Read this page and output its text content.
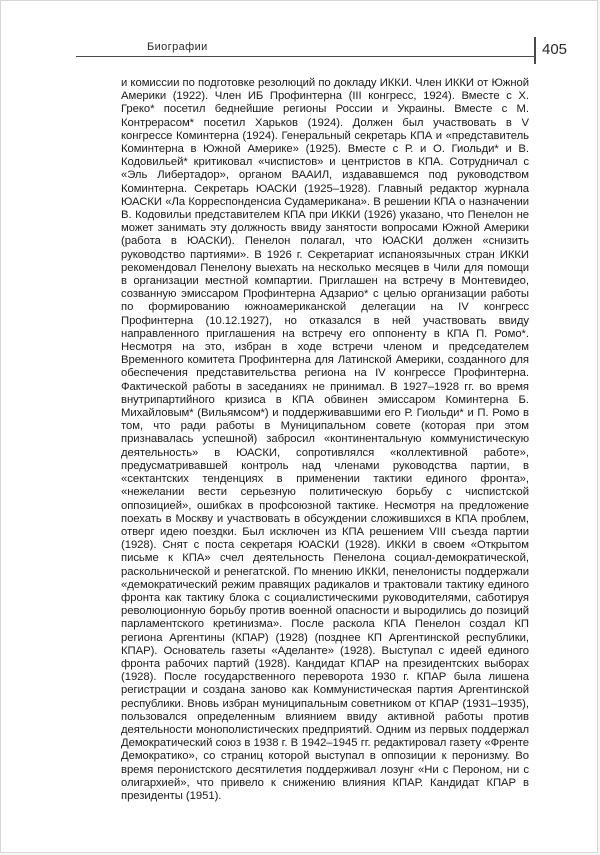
Биографии	405

и комиссии по подготовке резолюций по докладу ИККИ. Член ИККИ от Южной Америки (1922). Член ИБ Профинтерна (III конгресс, 1924). Вместе с Х. Греко* посетил беднейшие регионы России и Украины. Вместе с М. Контрерасом* посетил Харьков (1924). Должен был участвовать в V конгрессе Коминтерна (1924). Генеральный секретарь КПА и «представитель Коминтерна в Южной Америке» (1925). Вместе с Р. и О. Гиольди* и В. Кодовильей* критиковал «чиспистов» и центристов в КПА. Сотрудничал с «Эль Либертадор», органом ВААИЛ, издававшемся под руководством Коминтерна. Секретарь ЮАСКИ (1925–1928). Главный редактор журнала ЮАСКИ «Ла Корреспонденсиа Судамерикана». В решении КПА о назначении В. Кодовильи представителем КПА при ИККИ (1926) указано, что Пенелон не может занимать эту должность ввиду занятости вопросами Южной Америки (работа в ЮАСКИ). Пенелон полагал, что ЮАСКИ должен «снизить руководство партиями». В 1926 г. Секретариат испаноязычных стран ИККИ рекомендовал Пенелону выехать на несколько месяцев в Чили для помощи в организации местной компартии. Приглашен на встречу в Монтевидео, созванную эмиссаром Профинтерна Адзарио* с целью организации работы по формированию южноамериканской делегации на IV конгресс Профинтерна (10.12.1927), но отказался в ней участвовать ввиду направленного приглашения на встречу его оппоненту в КПА П. Ромо*. Несмотря на это, избран в ходе встречи членом и председателем Временного комитета Профинтерна для Латинской Америки, созданного для обеспечения представительства региона на IV конгрессе Профинтерна. Фактической работы в заседаниях не принимал. В 1927–1928 гг. во время внутрипартийного кризиса в КПА обвинен эмиссаром Коминтерна Б. Михайловым* (Вильямсом*) и поддерживавшими его Р. Гиольди* и П. Ромо в том, что ради работы в Муниципальном совете (которая при этом признавалась успешной) забросил «континентальную коммунистическую деятельность» в ЮАСКИ, сопротивлялся «коллективной работе», предусматривавшей контроль над членами руководства партии, в «сектантских тенденциях в применении тактики единого фронта», «нежелании вести серьезную политическую борьбу с чиспистской оппозицией», ошибках в профсоюзной тактике. Несмотря на предложение поехать в Москву и участвовать в обсуждении сложившихся в КПА проблем, отверг идею поездки. Был исключен из КПА решением VIII съезда партии (1928). Снят с поста секретаря ЮАСКИ (1928). ИККИ в своем «Открытом письме к КПА» счел деятельность Пенелона социал-демократической, раскольнической и ренегатской. По мнению ИККИ, пенелонисты поддержали «демократический режим правящих радикалов и трактовали тактику единого фронта как тактику блока с социалистическими руководителями, саботируя революционную борьбу против военной опасности и выродились до позиций парламентского кретинизма». После раскола КПА Пенелон создал КП региона Аргентины (КПАР) (1928) (позднее КП Аргентинской республики, КПАР). Основатель газеты «Аделанте» (1928). Выступал с идеей единого фронта рабочих партий (1928). Кандидат КПАР на президентских выборах (1928). После государственного переворота 1930 г. КПАР была лишена регистрации и создана заново как Коммунистическая партия Аргентинской республики. Вновь избран муниципальным советником от КПАР (1931–1935), пользовался определенным влиянием ввиду активной работы против деятельности монополистических предприятий. Одним из первых поддержал Демократический союз в 1938 г. В 1942–1945 гг. редактировал газету «Френте Демократико», со страниц которой выступал в оппозиции к перонизму. Во время перонистского десятилетия поддерживал лозунг «Ни с Пероном, ни с олигархией», что привело к снижению влияния КПАР. Кандидат КПАР в президенты (1951).
